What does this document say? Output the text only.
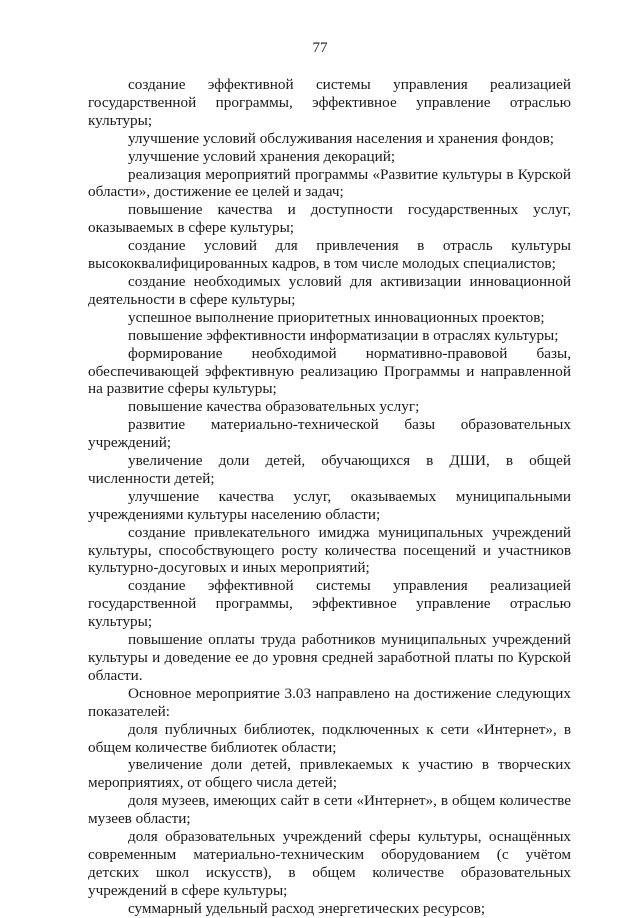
77

создание эффективной системы управления реализацией государственной программы, эффективное управление отраслью культуры;

улучшение условий обслуживания населения и хранения фондов;

улучшение условий хранения декораций;

реализация мероприятий программы «Развитие культуры в Курской области», достижение ее целей и задач;

повышение качества и доступности государственных услуг, оказываемых в сфере культуры;

создание условий для привлечения в отрасль культуры высококвалифицированных кадров, в том числе молодых специалистов;

создание необходимых условий для активизации инновационной деятельности в сфере культуры;

успешное выполнение приоритетных инновационных проектов;

повышение эффективности информатизации в отраслях культуры;

формирование необходимой нормативно-правовой базы, обеспечивающей эффективную реализацию Программы и направленной на развитие сферы культуры;

повышение качества образовательных услуг;

развитие материально-технической базы образовательных учреждений;

увеличение доли детей, обучающихся в ДШИ, в общей численности детей;

улучшение качества услуг, оказываемых муниципальными учреждениями культуры населению области;

создание привлекательного имиджа муниципальных учреждений культуры, способствующего росту количества посещений и участников культурно-досуговых и иных мероприятий;

создание эффективной системы управления реализацией государственной программы, эффективное управление отраслью культуры;

повышение оплаты труда работников муниципальных учреждений культуры и доведение ее до уровня средней заработной платы по Курской области.

Основное мероприятие 3.03 направлено на достижение следующих показателей:

доля публичных библиотек, подключенных к сети «Интернет», в общем количестве библиотек области;

увеличение доли детей, привлекаемых к участию в творческих мероприятиях, от общего числа детей;

доля музеев, имеющих сайт в сети «Интернет», в общем количестве музеев области;

доля образовательных учреждений сферы культуры, оснащённых современным материально-техническим оборудованием (с учётом детских школ искусств), в общем количестве образовательных учреждений в сфере культуры;

суммарный удельный расход энергетических ресурсов;
